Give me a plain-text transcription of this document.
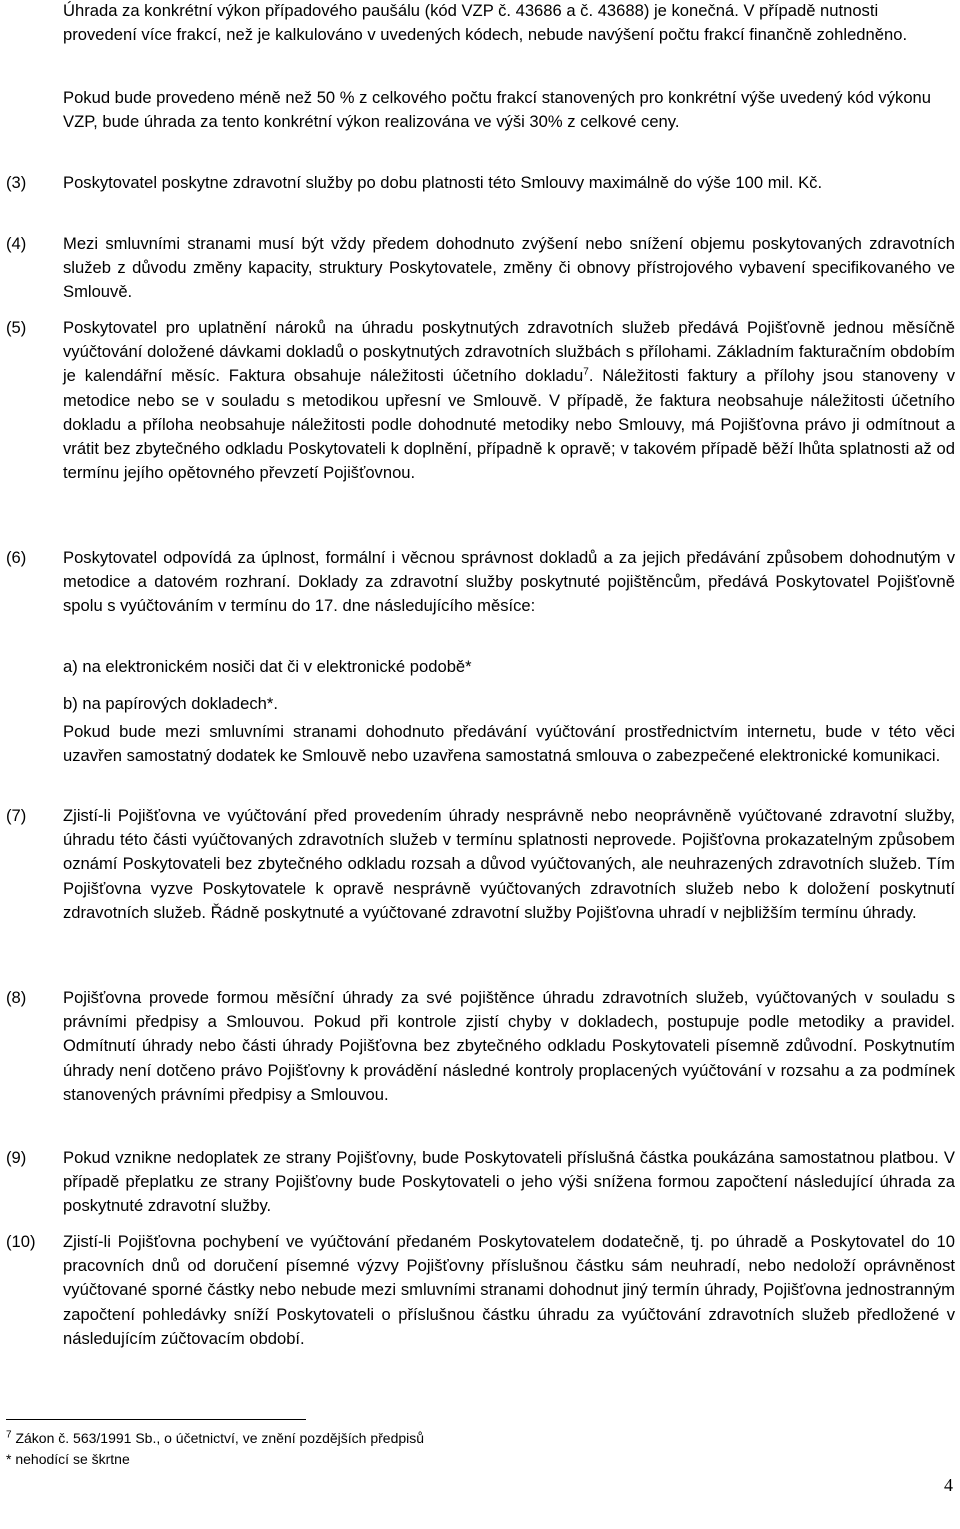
Úhrada za konkrétní výkon případového paušálu (kód VZP č. 43686 a č. 43688) je konečná. V případě nutnosti provedení více frakcí, než je kalkulováno v uvedených kódech, nebude navýšení počtu frakcí finančně zohledněno.

Pokud bude provedeno méně než 50 % z celkového počtu frakcí stanovených pro konkrétní výše uvedený kód výkonu VZP, bude úhrada za tento konkrétní výkon realizována ve výši 30% z celkové ceny.

(3) Poskytovatel poskytne zdravotní služby po dobu platnosti této Smlouvy maximálně do výše 100 mil. Kč.

(4) Mezi smluvními stranami musí být vždy předem dohodnuto zvýšení nebo snížení objemu poskytovaných zdravotních služeb z důvodu změny kapacity, struktury Poskytovatele, změny či obnovy přístrojového vybavení specifikovaného ve Smlouvě.

(5) Poskytovatel pro uplatnění nároků na úhradu poskytnutých zdravotních služeb předává Pojišťovně jednou měsíčně vyúčtování doložené dávkami dokladů o poskytnutých zdravotních službách s přílohami. Základním fakturačním obdobím je kalendářní měsíc. Faktura obsahuje náležitosti účetního dokladu$^7$. Náležitosti faktury a přílohy jsou stanoveny v metodice nebo se v souladu s metodikou upřesní ve Smlouvě. V případě, že faktura neobsahuje náležitosti účetního dokladu a příloha neobsahuje náležitosti podle dohodnuté metodiky nebo Smlouvy, má Pojišťovna právo ji odmítnout a vrátit bez zbytečného odkladu Poskytovateli k doplnění, případně k opravě; v takovém případě běží lhůta splatnosti až od termínu jejího opětovného převzetí Pojišťovnou.

(6) Poskytovatel odpovídá za úplnost, formální i věcnou správnost dokladů a za jejich předávání způsobem dohodnutým v metodice a datovém rozhraní. Doklady za zdravotní služby poskytnuté pojištěncům, předává Poskytovatel Pojišťovně spolu s vyúčtováním v termínu do 17. dne následujícího měsíce:

a) na elektronickém nosiči dat či v elektronické podobě*

b) na papírových dokladech*.

Pokud bude mezi smluvními stranami dohodnuto předávání vyúčtování prostřednictvím internetu, bude v této věci uzavřen samostatný dodatek ke Smlouvě nebo uzavřena samostatná smlouva o zabezpečené elektronické komunikaci.

(7) Zjistí-li Pojišťovna ve vyúčtování před provedením úhrady nesprávně nebo neoprávněně vyúčtované zdravotní služby, úhradu této části vyúčtovaných zdravotních služeb v termínu splatnosti neprovede. Pojišťovna prokazatelným způsobem oznámí Poskytovateli bez zbytečného odkladu rozsah a důvod vyúčtovaných, ale neuhrazených zdravotních služeb. Tím Pojišťovna vyzve Poskytovatele k opravě nesprávně vyúčtovaných zdravotních služeb nebo k doložení poskytnutí zdravotních služeb. Řádně poskytnuté a vyúčtované zdravotní služby Pojišťovna uhradí v nejbližším termínu úhrady.

(8) Pojišťovna provede formou měsíční úhrady za své pojištěnce úhradu zdravotních služeb, vyúčtovaných v souladu s právními předpisy a Smlouvou. Pokud při kontrole zjistí chyby v dokladech, postupuje podle metodiky a pravidel. Odmítnutí úhrady nebo části úhrady Pojišťovna bez zbytečného odkladu Poskytovateli písemně zdůvodní. Poskytnutím úhrady není dotčeno právo Pojišťovny k provádění následné kontroly proplacených vyúčtování v rozsahu a za podmínek stanovených právními předpisy a Smlouvou.

(9) Pokud vznikne nedoplatek ze strany Pojišťovny, bude Poskytovateli příslušná částka poukázána samostatnou platbou. V případě přeplatku ze strany Pojišťovny bude Poskytovateli o jeho výši snížena formou započtení následující úhrada za poskytnuté zdravotní služby.

(10) Zjistí-li Pojišťovna pochybení ve vyúčtování předaném Poskytovatelem dodatečně, tj. po úhradě a Poskytovatel do 10 pracovních dnů od doručení písemné výzvy Pojišťovny příslušnou částku sám neuhradí, nebo nedoloží oprávněnost vyúčtované sporné částky nebo nebude mezi smluvními stranami dohodnut jiný termín úhrady, Pojišťovna jednostranným započtení pohledávky sníží Poskytovateli o příslušnou částku úhradu za vyúčtování zdravotních služeb předložené v následujícím zúčtovacím období.

$^7$ Zákon č. 563/1991 Sb., o účetnictví, ve znění pozdějších předpisů
* nehodící se škrtne
4
